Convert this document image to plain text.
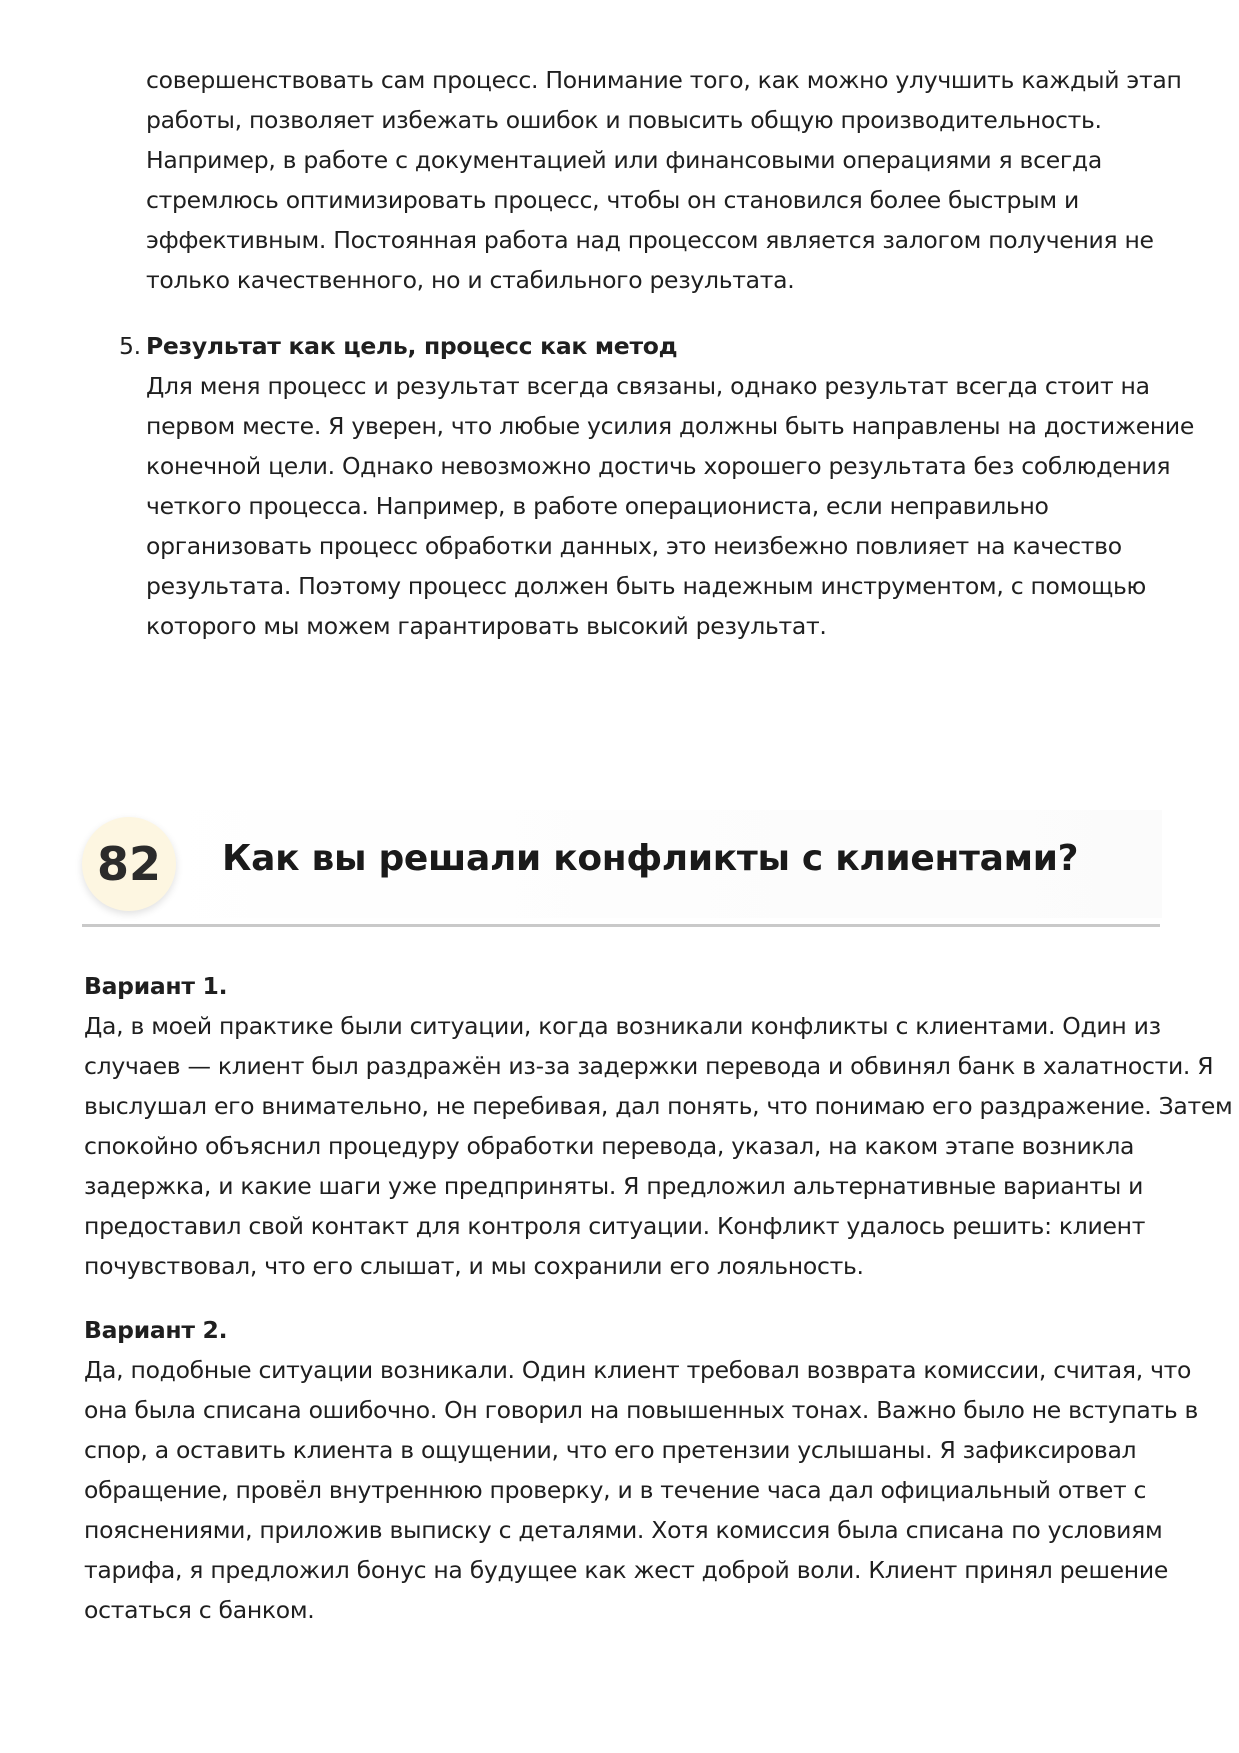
совершенствовать сам процесс. Понимание того, как можно улучшить каждый этап
работы, позволяет избежать ошибок и повысить общую производительность.
Например, в работе с документацией или финансовыми операциями я всегда
стремлюсь оптимизировать процесс, чтобы он становился более быстрым и
эффективным. Постоянная работа над процессом является залогом получения не
только качественного, но и стабильного результата.
5. Результат как цель, процесс как метод
Для меня процесс и результат всегда связаны, однако результат всегда стоит на
первом месте. Я уверен, что любые усилия должны быть направлены на достижение
конечной цели. Однако невозможно достичь хорошего результата без соблюдения
четкого процесса. Например, в работе операциониста, если неправильно
организовать процесс обработки данных, это неизбежно повлияет на качество
результата. Поэтому процесс должен быть надежным инструментом, с помощью
которого мы можем гарантировать высокий результат.
82	Как вы решали конфликты с клиентами?
Вариант 1.
Да, в моей практике были ситуации, когда возникали конфликты с клиентами. Один из
случаев — клиент был раздражён из-за задержки перевода и обвинял банк в халатности. Я
выслушал его внимательно, не перебивая, дал понять, что понимаю его раздражение. Затем
спокойно объяснил процедуру обработки перевода, указал, на каком этапе возникла
задержка, и какие шаги уже предприняты. Я предложил альтернативные варианты и
предоставил свой контакт для контроля ситуации. Конфликт удалось решить: клиент
почувствовал, что его слышат, и мы сохранили его лояльность.
Вариант 2.
Да, подобные ситуации возникали. Один клиент требовал возврата комиссии, считая, что
она была списана ошибочно. Он говорил на повышенных тонах. Важно было не вступать в
спор, а оставить клиента в ощущении, что его претензии услышаны. Я зафиксировал
обращение, провёл внутреннюю проверку, и в течение часа дал официальный ответ с
пояснениями, приложив выписку с деталями. Хотя комиссия была списана по условиям
тарифа, я предложил бонус на будущее как жест доброй воли. Клиент принял решение
остаться с банком.
